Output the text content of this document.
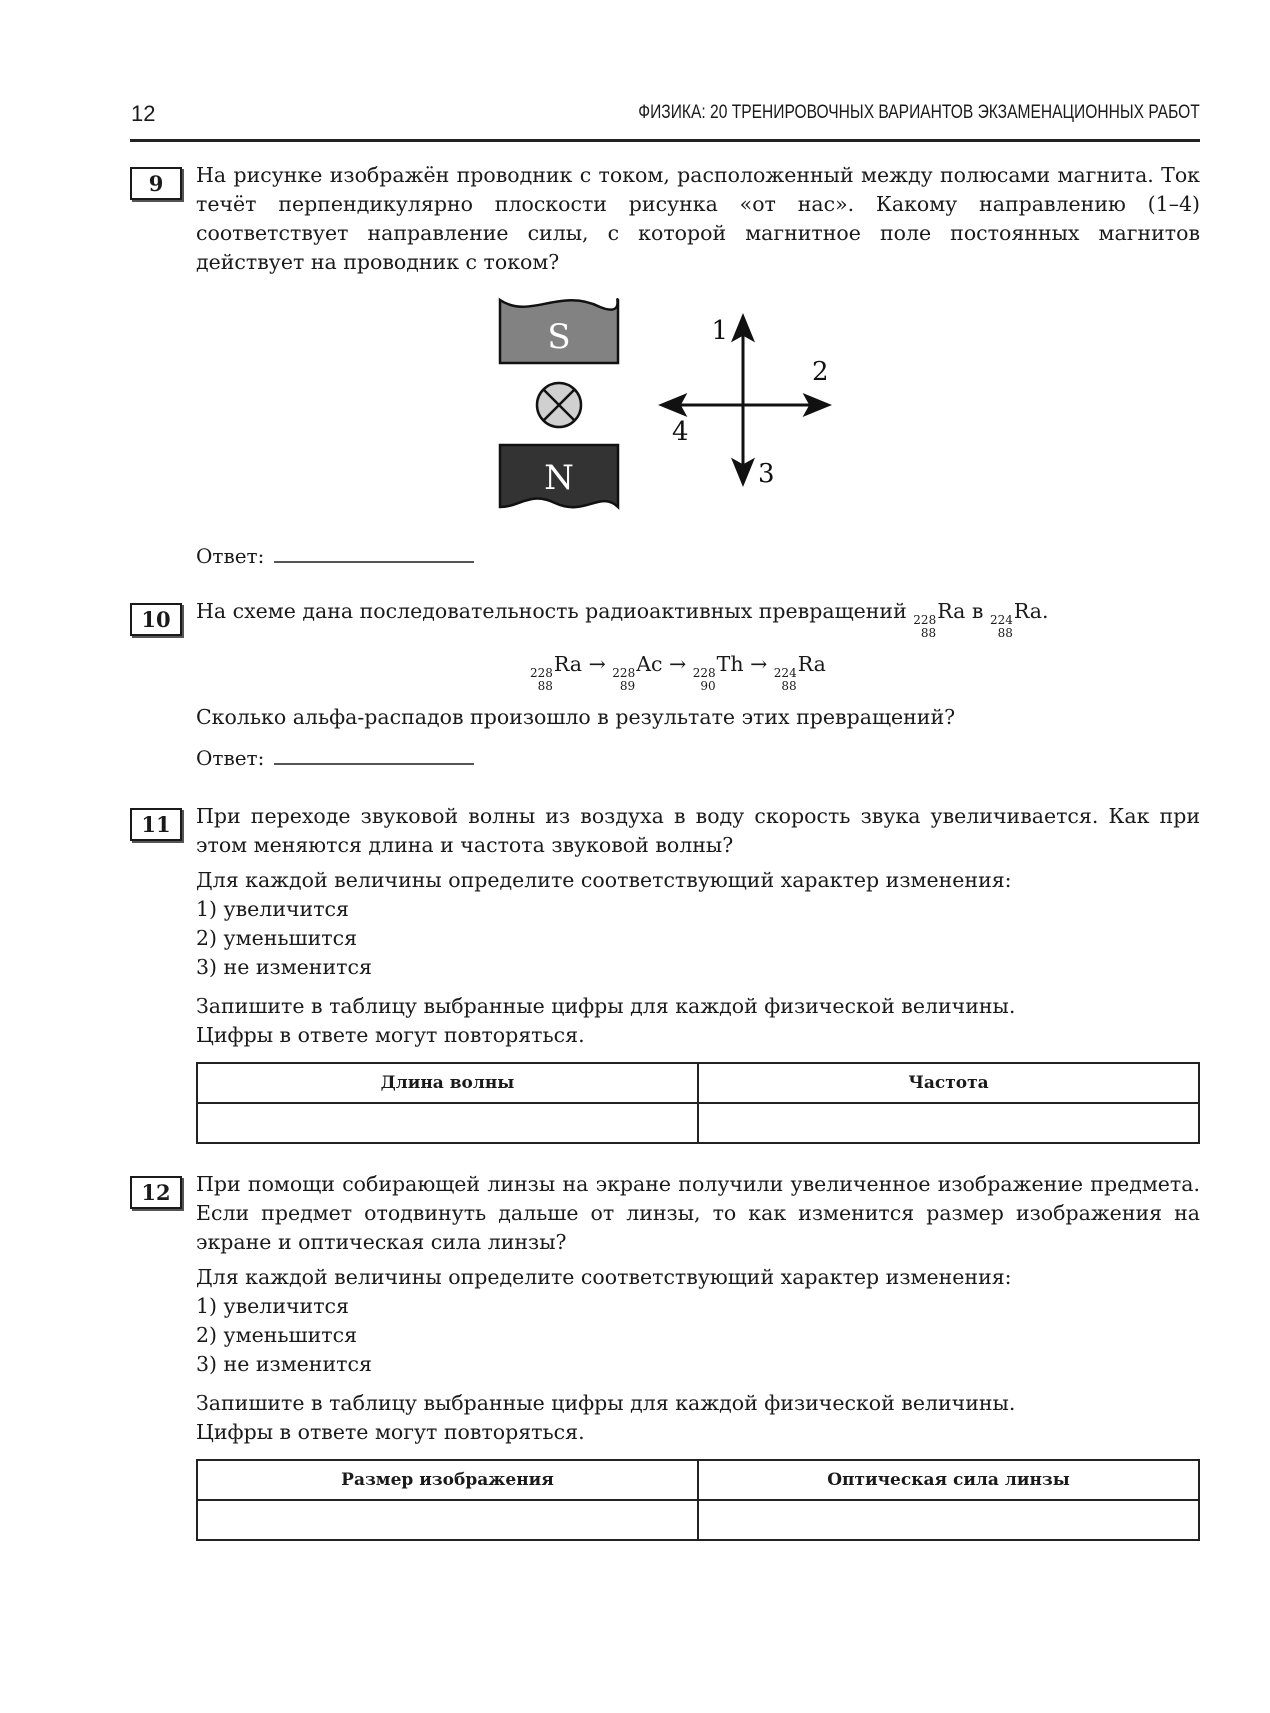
12	ФИЗИКА: 20 ТРЕНИРОВОЧНЫХ ВАРИАНТОВ ЭКЗАМЕНАЦИОННЫХ РАБОТ
9	На рисунке изображён проводник с током, расположенный между полюсами магнита. Ток течёт перпендикулярно плоскости рисунка «от нас». Какому направлению (1–4) соответствует направление силы, с которой магнитное поле постоянных магнитов действует на проводник с током?
S
N
1
2
3
4
Ответ:
10	На схеме дана последовательность радиоактивных превращений 228
88
Ra в 224
88
Ra.
228
88
Ra → 228
89
Ac → 228
90
Th → 224
88
Ra
Сколько альфа-распадов произошло в результате этих превращений?
Ответ:
11	При переходе звуковой волны из воздуха в воду скорость звука увеличивается. Как при этом меняются длина и частота звуковой волны?
Для каждой величины определите соответствующий характер изменения:
1) увеличится
2) уменьшится
3) не изменится
Запишите в таблицу выбранные цифры для каждой физической величины.
Цифры в ответе могут повторяться.
Длина волны	Частота

12	При помощи собирающей линзы на экране получили увеличенное изображение предмета. Если предмет отодвинуть дальше от линзы, то как изменится размер изображения на экране и оптическая сила линзы?
Для каждой величины определите соответствующий характер изменения:
1) увеличится
2) уменьшится
3) не изменится
Запишите в таблицу выбранные цифры для каждой физической величины.
Цифры в ответе могут повторяться.
Размер изображения	Оптическая сила линзы
